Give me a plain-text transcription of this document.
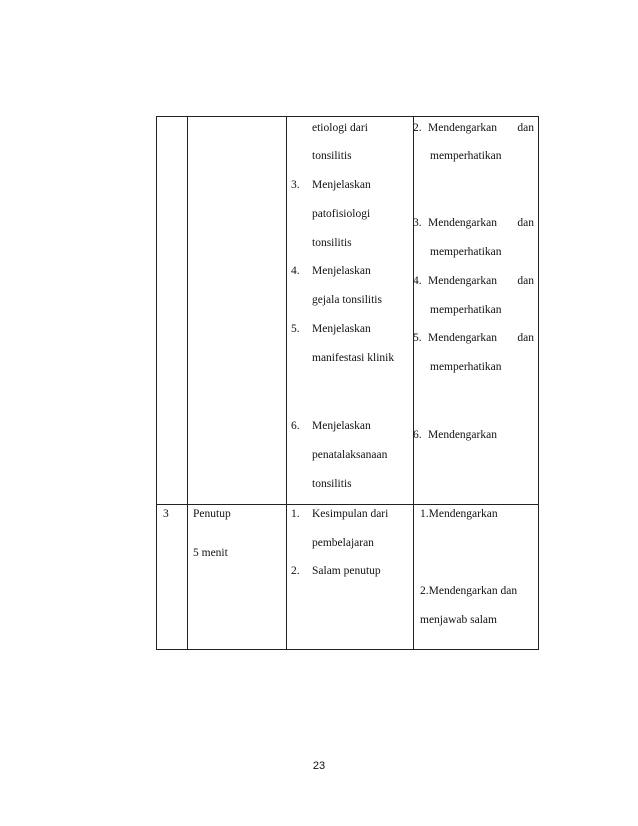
etiologi dari
tonsilitis
3. Menjelaskan
patofisiologi
tonsilitis
4. Menjelaskan
gejala tonsilitis
5. Menjelaskan
manifestasi klinik
6. Menjelaskan
penatalaksanaan
tonsilitis
2. Mendengarkan dan
memperhatikan
3. Mendengarkan dan
memperhatikan
4. Mendengarkan dan
memperhatikan
5. Mendengarkan dan
memperhatikan
6. Mendengarkan
3 Penutup
5 menit
1. Kesimpulan dari
pembelajaran
2. Salam penutup
1.Mendengarkan
2.Mendengarkan dan
menjawab salam
23
